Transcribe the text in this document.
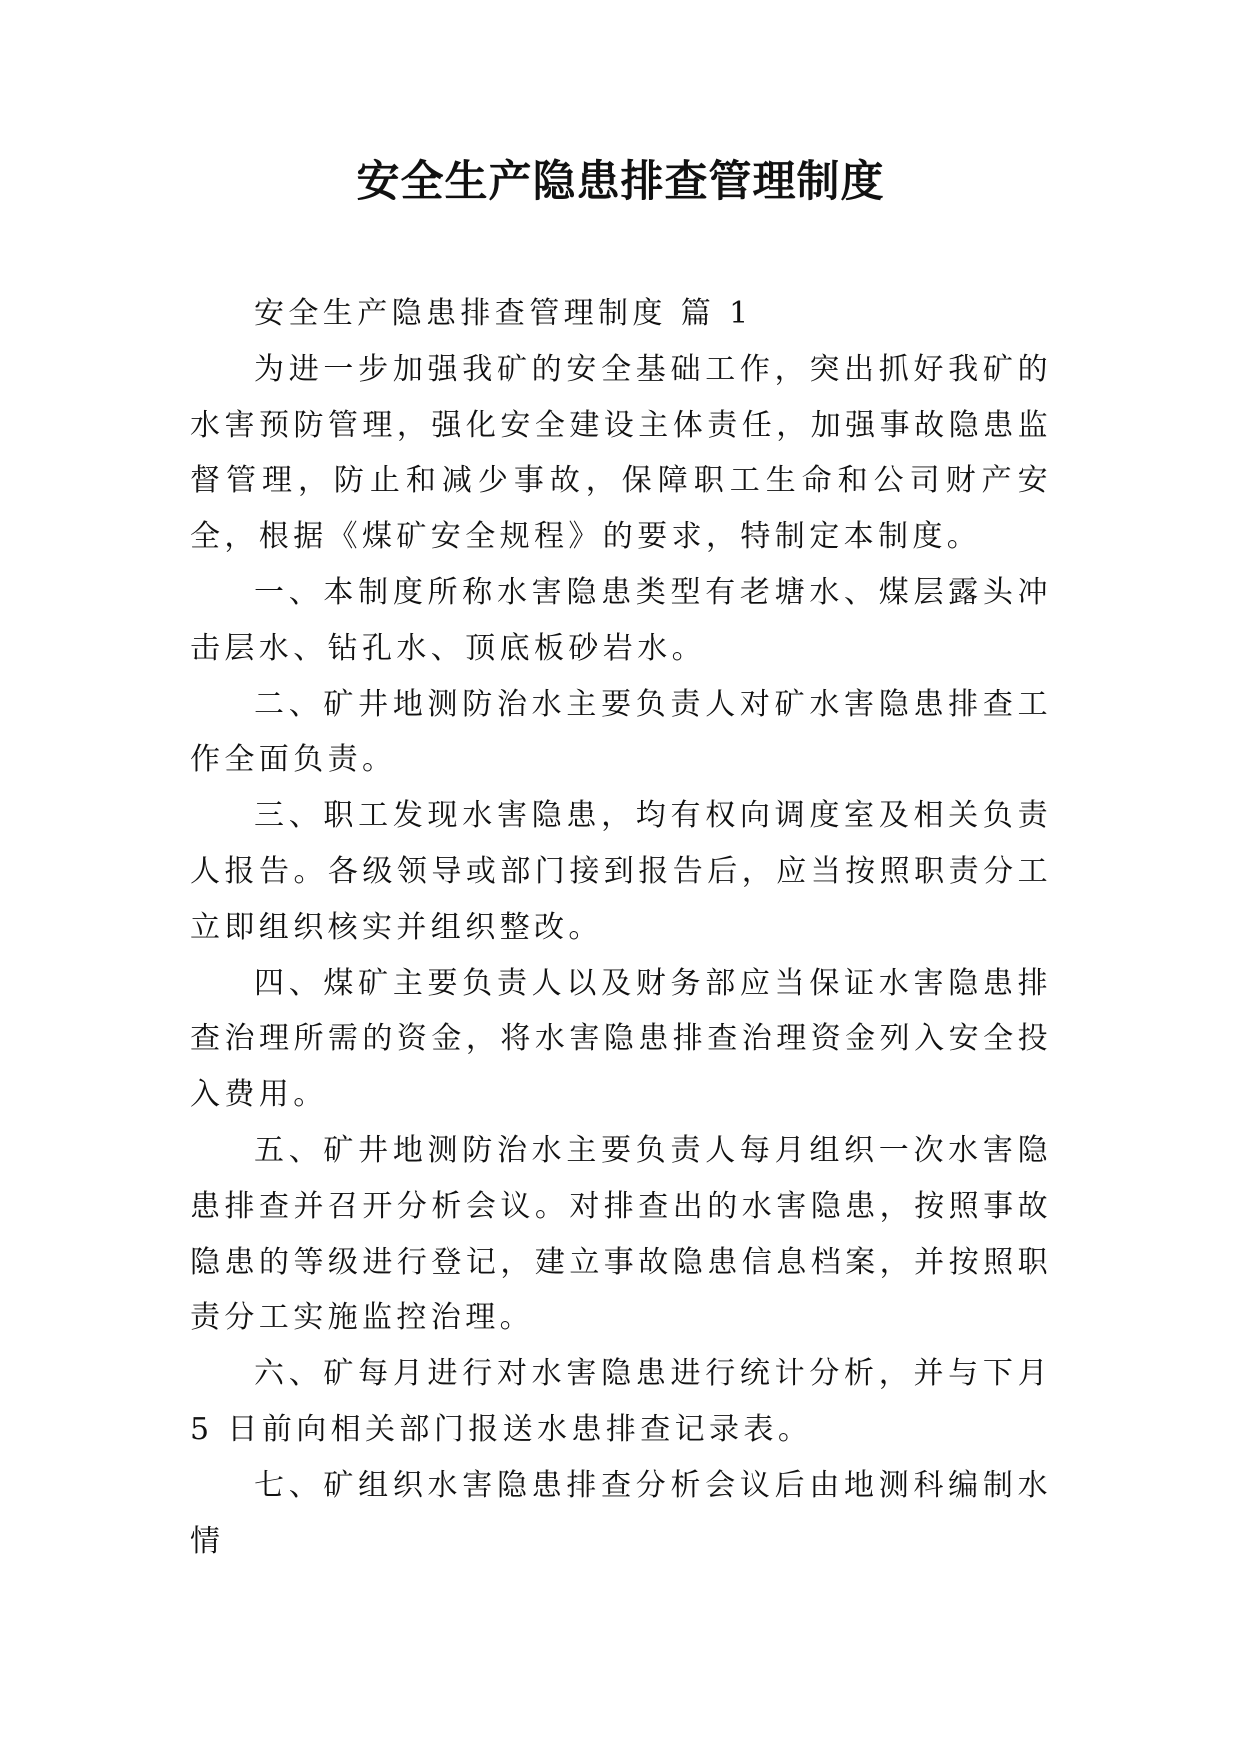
安全生产隐患排查管理制度

安全生产隐患排查管理制度 篇 1

为进一步加强我矿的安全基础工作，突出抓好我矿的水害预防管理，强化安全建设主体责任，加强事故隐患监督管理，防止和减少事故，保障职工生命和公司财产安全，根据《煤矿安全规程》的要求，特制定本制度。

一、本制度所称水害隐患类型有老塘水、煤层露头冲击层水、钻孔水、顶底板砂岩水。

二、矿井地测防治水主要负责人对矿水害隐患排查工作全面负责。

三、职工发现水害隐患，均有权向调度室及相关负责人报告。各级领导或部门接到报告后，应当按照职责分工立即组织核实并组织整改。

四、煤矿主要负责人以及财务部应当保证水害隐患排查治理所需的资金，将水害隐患排查治理资金列入安全投入费用。

五、矿井地测防治水主要负责人每月组织一次水害隐患排查并召开分析会议。对排查出的水害隐患，按照事故隐患的等级进行登记，建立事故隐患信息档案，并按照职责分工实施监控治理。

六、矿每月进行对水害隐患进行统计分析，并与下月 5 日前向相关部门报送水患排查记录表。

七、矿组织水害隐患排查分析会议后由地测科编制水情
